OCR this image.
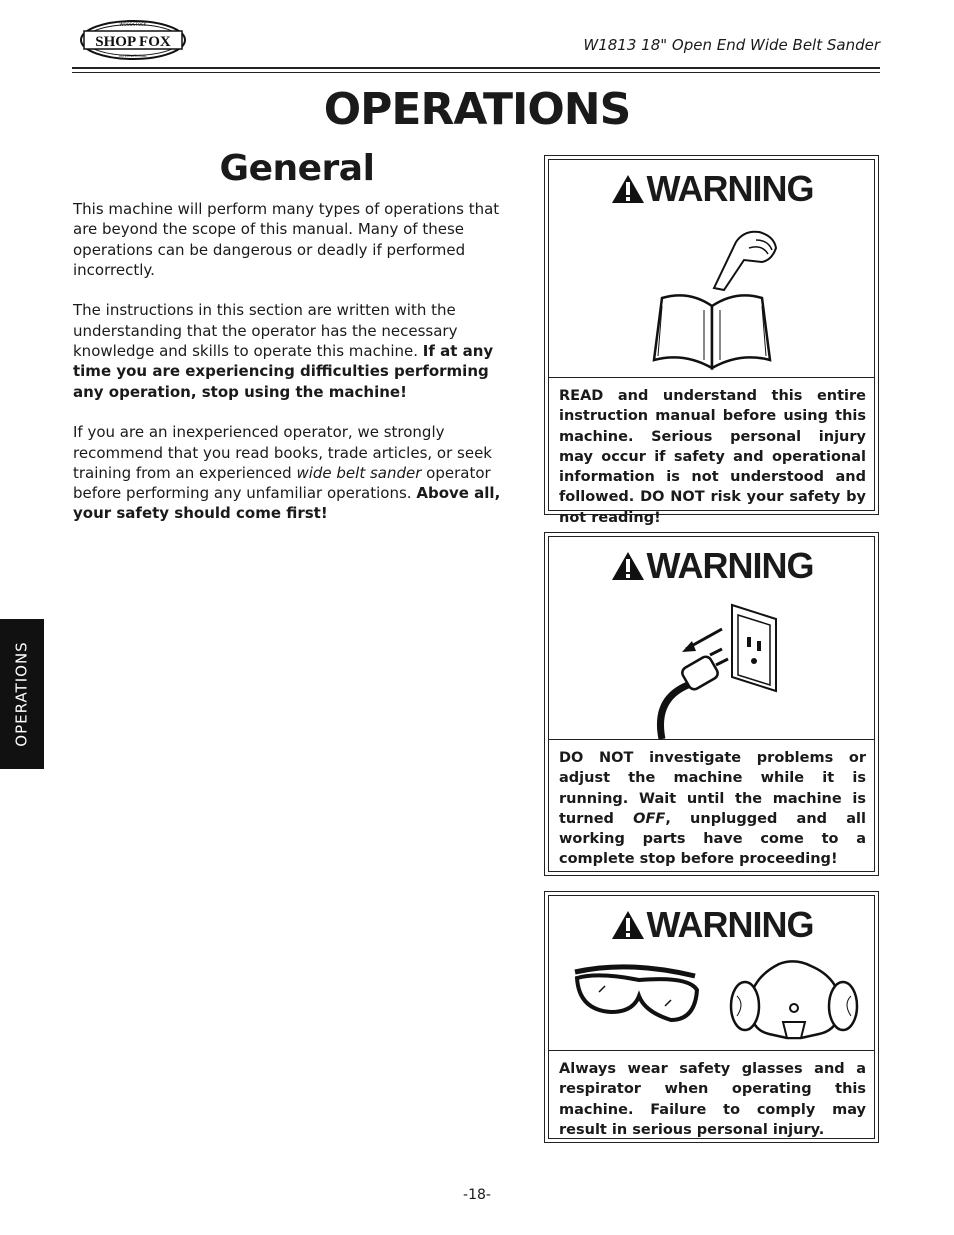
SHOP FOX
WOODSTOCK
INTERNATIONAL
W1813 18" Open End Wide Belt Sander
OPERATIONS
General

This machine will perform many types of operations that are beyond the scope of this manual. Many of these operations can be dangerous or deadly if performed incorrectly.

The instructions in this section are written with the understanding that the operator has the necessary knowledge and skills to operate this machine. If at any time you are experiencing difficulties performing any operation, stop using the machine!

If you are an inexperienced operator, we strongly recommend that you read books, trade articles, or seek training from an experienced wide belt sander operator before performing any unfamiliar operations. Above all, your safety should come first!

OPERATIONS
WARNING
READ and understand this entire instruction manual before using this machine. Serious personal injury may occur if safety and operational information is not understood and followed. DO NOT risk your safety by not reading!
WARNING
DO NOT investigate problems or adjust the machine while it is running. Wait until the machine is turned OFF, unplugged and all working parts have come to a complete stop before proceeding!
WARNING
Always wear safety glasses and a respirator when operating this machine. Failure to comply may result in serious personal injury.
-18-
